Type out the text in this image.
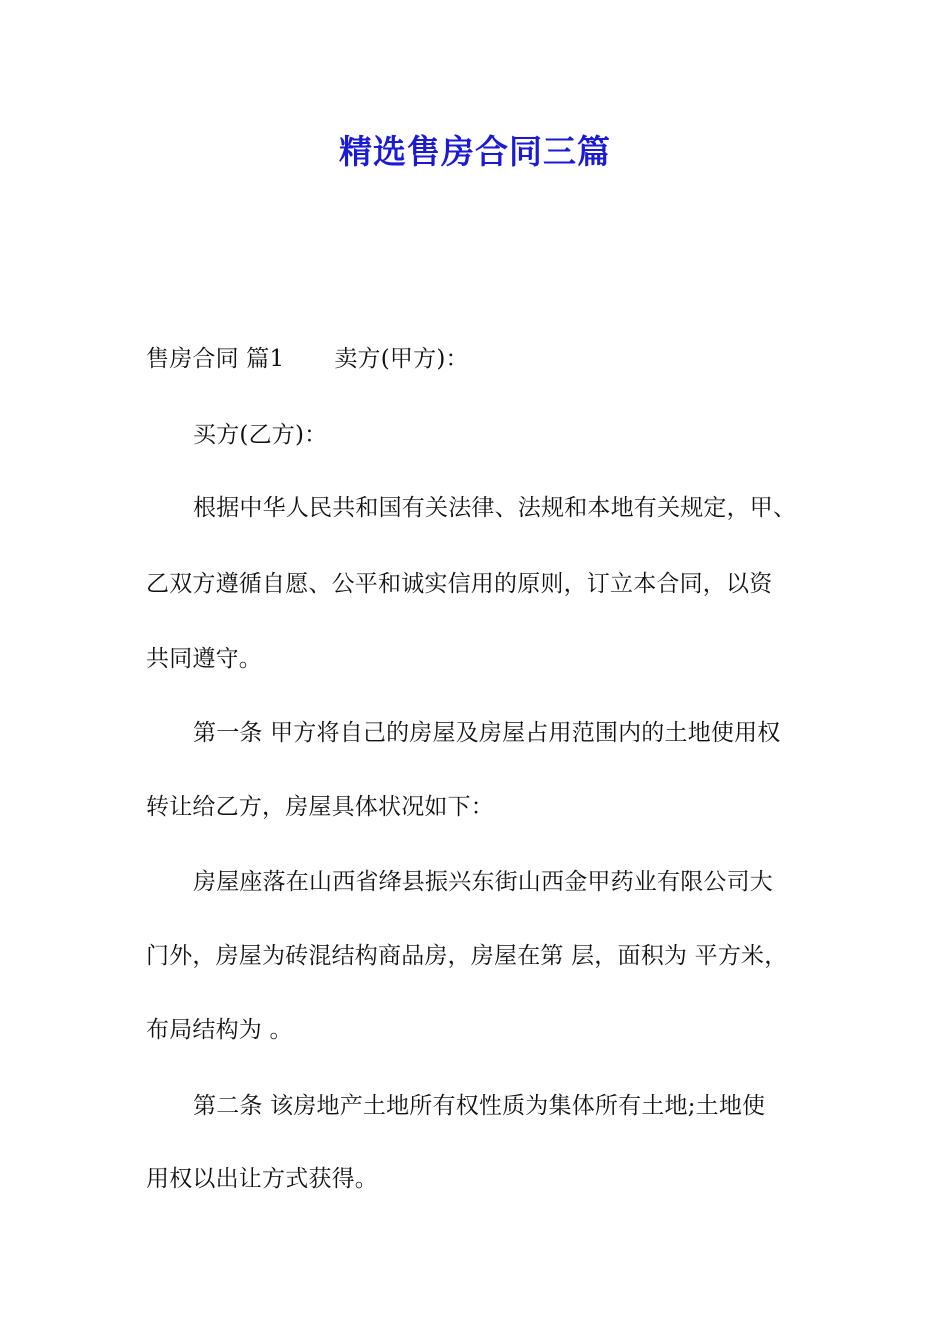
精选售房合同三篇
售房合同 篇1 卖方(甲方)：
买方(乙方)：
根据中华人民共和国有关法律、法规和本地有关规定，甲、
乙双方遵循自愿、公平和诚实信用的原则，订立本合同，以资
共同遵守。
第一条 甲方将自己的房屋及房屋占用范围内的土地使用权
转让给乙方，房屋具体状况如下：
房屋座落在山西省绛县振兴东街山西金甲药业有限公司大
门外，房屋为砖混结构商品房，房屋在第 层，面积为 平方米，
布局结构为 。
第二条 该房地产土地所有权性质为集体所有土地;土地使
用权以出让方式获得。
